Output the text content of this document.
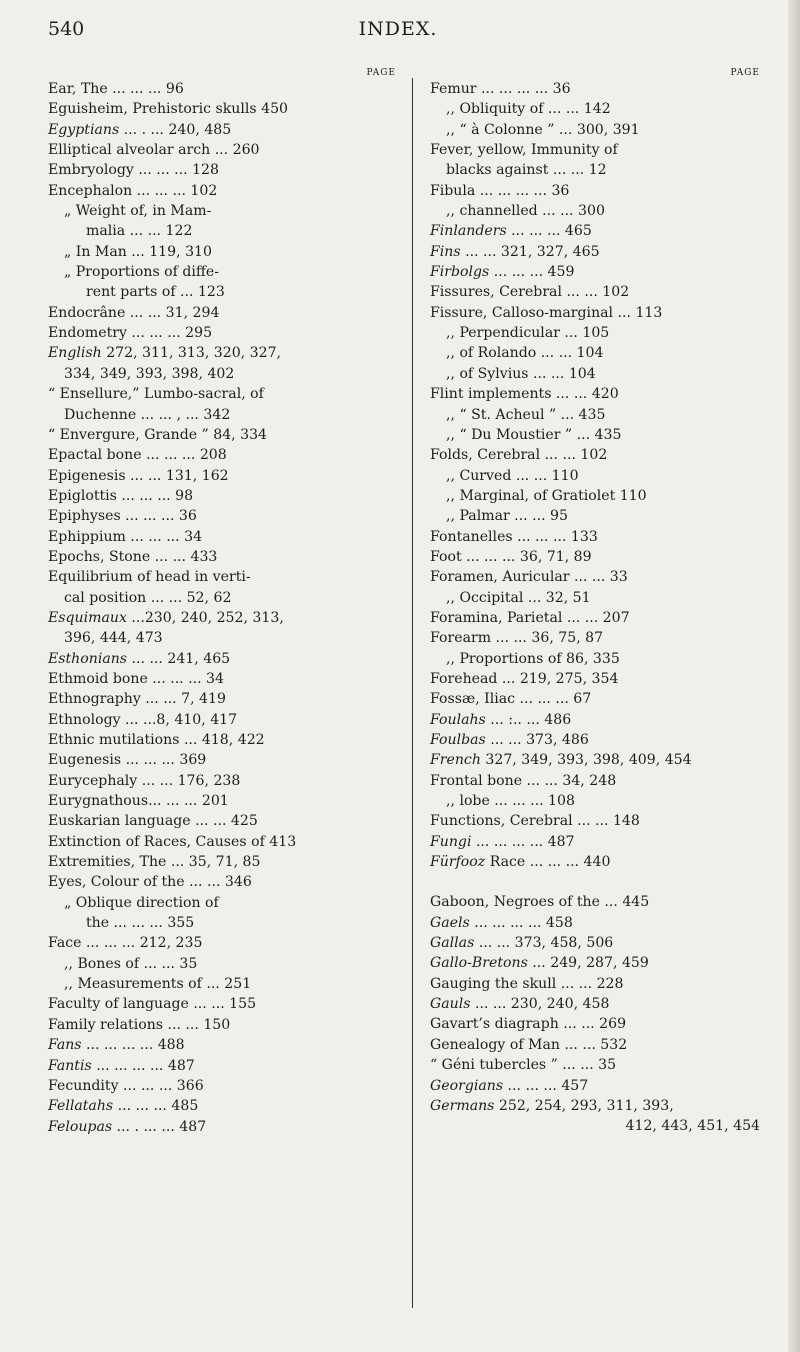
540	INDEX.
PAGE
Ear, The ... ... ... 96
Eguisheim, Prehistoric skulls 450
Egyptians ... . ... 240, 485
Elliptical alveolar arch ... 260
Embryology ... ... ... 128
Encephalon ... ... ... 102
„ Weight of, in Mam-
malia ... ... 122
„ In Man ... 119, 310
„ Proportions of diffe-
rent parts of ... 123
Endocrâne ... ... 31, 294
Endometry ... ... ... 295
English 272, 311, 313, 320, 327,
334, 349, 393, 398, 402
“ Ensellure,” Lumbo-sacral, of
Duchenne ... ... , ... 342
“ Envergure, Grande ” 84, 334
Epactal bone ... ... ... 208
Epigenesis ... ... 131, 162
Epiglottis ... ... ... 98
Epiphyses ... ... ... 36
Ephippium ... ... ... 34
Epochs, Stone ... ... 433
Equilibrium of head in verti-
cal position ... ... 52, 62
Esquimaux ...230, 240, 252, 313,
396, 444, 473
Esthonians ... ... 241, 465
Ethmoid bone ... ... ... 34
Ethnography ... ... 7, 419
Ethnology ... ...8, 410, 417
Ethnic mutilations ... 418, 422
Eugenesis ... ... ... 369
Eurycephaly ... ... 176, 238
Eurygnathous... ... ... 201
Euskarian language ... ... 425
Extinction of Races, Causes of 413
Extremities, The ... 35, 71, 85
Eyes, Colour of the ... ... 346
„ Oblique direction of
the ... ... ... 355
Face ... ... ... 212, 235
,, Bones of ... ... 35
,, Measurements of ... 251
Faculty of language ... ... 155
Family relations ... ... 150
Fans ... ... ... ... 488
Fantis ... ... ... ... 487
Fecundity ... ... ... 366
Fellatahs ... ... ... 485
Feloupas ... . ... ... 487
PAGE
Femur ... ... ... ... 36
,, Obliquity of ... ... 142
,, “ à Colonne ” ... 300, 391
Fever, yellow, Immunity of
blacks against ... ... 12
Fibula ... ... ... ... 36
,, channelled ... ... 300
Finlanders ... ... ... 465
Fins ... ... 321, 327, 465
Firbolgs ... ... ... 459
Fissures, Cerebral ... ... 102
Fissure, Calloso-marginal ... 113
,, Perpendicular ... 105
,, of Rolando ... ... 104
,, of Sylvius ... ... 104
Flint implements ... ... 420
,, “ St. Acheul ” ... 435
,, “ Du Moustier ” ... 435
Folds, Cerebral ... ... 102
,, Curved ... ... 110
,, Marginal, of Gratiolet 110
,, Palmar ... ... 95
Fontanelles ... ... ... 133
Foot ... ... ... 36, 71, 89
Foramen, Auricular ... ... 33
,, Occipital ... 32, 51
Foramina, Parietal ... ... 207
Forearm ... ... 36, 75, 87
,, Proportions of 86, 335
Forehead ... 219, 275, 354
Fossæ, Iliac ... ... ... 67
Foulahs ... :.. ... 486
Foulbas ... ... 373, 486
French 327, 349, 393, 398, 409, 454
Frontal bone ... ... 34, 248
,, lobe ... ... ... 108
Functions, Cerebral ... ... 148
Fungi ... ... ... ... 487
Fürfooz Race ... ... ... 440
Gaboon, Negroes of the ... 445
Gaels ... ... ... ... 458
Gallas ... ... 373, 458, 506
Gallo-Bretons ... 249, 287, 459
Gauging the skull ... ... 228
Gauls ... ... 230, 240, 458
Gavart’s diagraph ... ... 269
Genealogy of Man ... ... 532
“ Géni tubercles ” ... ... 35
Georgians ... ... ... 457
Germans 252, 254, 293, 311, 393,
412, 443, 451, 454
